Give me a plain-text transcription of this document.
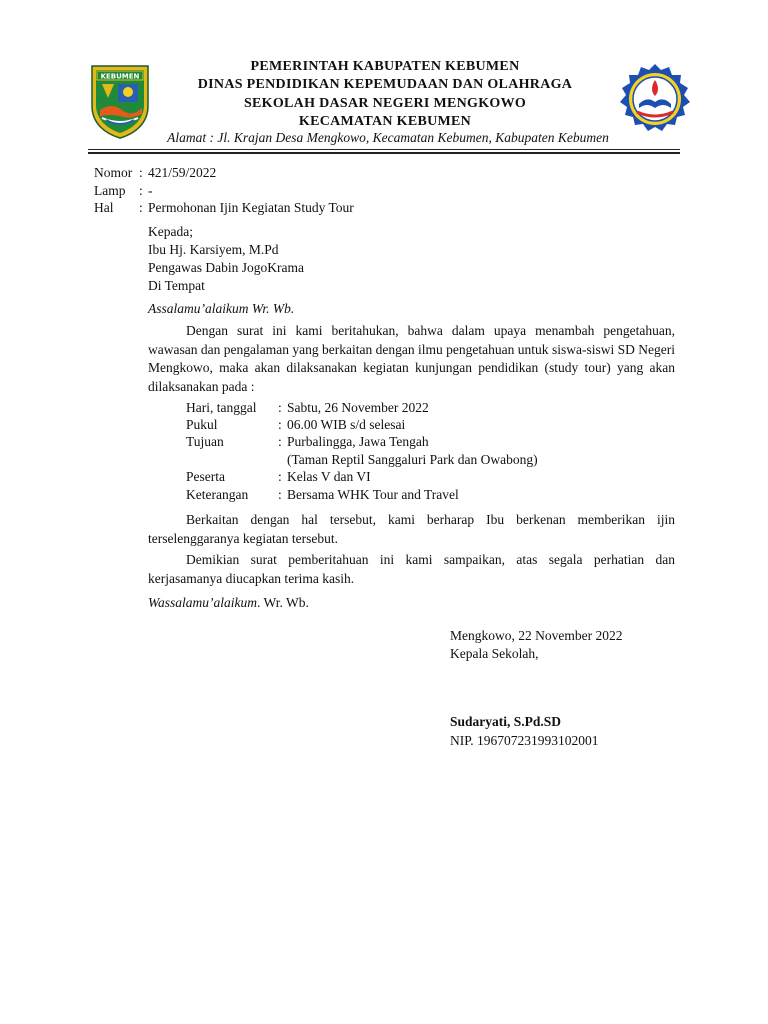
KEBUMEN
PEMERINTAH KABUPATEN KEBUMEN
DINAS PENDIDIKAN KEPEMUDAAN DAN OLAHRAGA
SEKOLAH DASAR NEGERI MENGKOWO
KECAMATAN KEBUMEN
Alamat : Jl. Krajan Desa Mengkowo, Kecamatan Kebumen, Kabupaten Kebumen
Nomor : 421/59/2022
Lamp : -
Hal : Permohonan Ijin Kegiatan Study Tour
Kepada;
Ibu Hj. Karsiyem, M.Pd
Pengawas Dabin JogoKrama
Di Tempat
Assalamu’alaikum Wr. Wb.
Dengan surat ini kami beritahukan, bahwa dalam upaya menambah pengetahuan, wawasan dan pengalaman yang berkaitan dengan ilmu pengetahuan untuk siswa-siswi SD Negeri Mengkowo, maka akan dilaksanakan kegiatan kunjungan pendidikan (study tour) yang akan dilaksanakan pada :
Hari, tanggal : Sabtu, 26 November 2022
Pukul	: 06.00 WIB s/d selesai
Tujuan	: Purbalingga, Jawa Tengah
(Taman Reptil Sanggaluri Park dan Owabong)
Peserta	: Kelas V dan VI
Keterangan : Bersama WHK Tour and Travel
Berkaitan dengan hal tersebut, kami berharap Ibu berkenan memberikan ijin terselenggaranya kegiatan tersebut.
Demikian surat pemberitahuan ini kami sampaikan, atas segala perhatian dan kerjasamanya diucapkan terima kasih.
Wassalamu’alaikum. Wr. Wb.
Mengkowo, 22 November 2022
Kepala Sekolah,
Sudaryati, S.Pd.SD
NIP. 196707231993102001
